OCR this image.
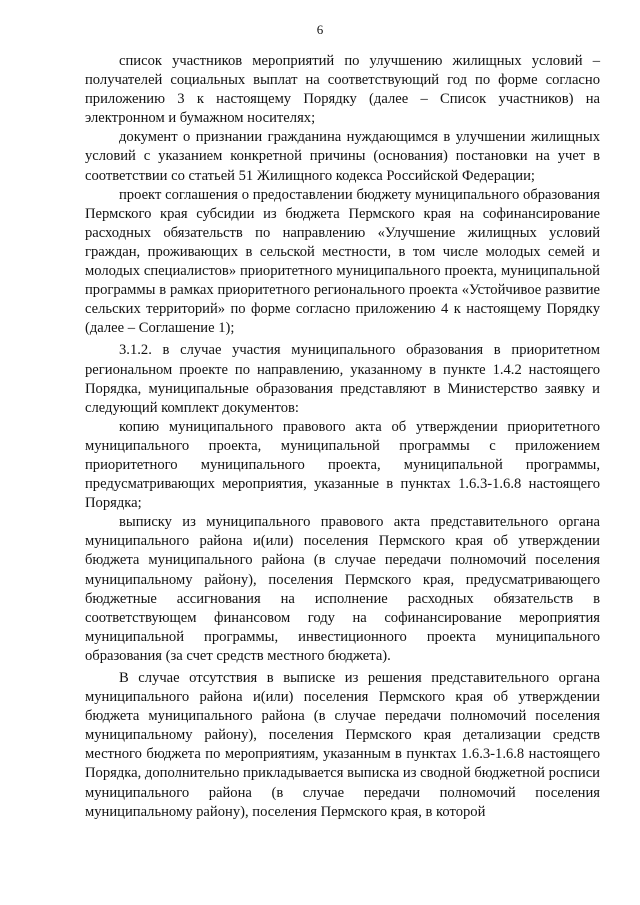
6

список участников мероприятий по улучшению жилищных условий – получателей социальных выплат на соответствующий год по форме согласно приложению 3 к настоящему Порядку (далее – Список участников) на электронном и бумажном носителях;

документ о признании гражданина нуждающимся в улучшении жилищных условий с указанием конкретной причины (основания) постановки на учет в соответствии со статьей 51 Жилищного кодекса Российской Федерации;

проект соглашения о предоставлении бюджету муниципального образования Пермского края субсидии из бюджета Пермского края на софинансирование расходных обязательств по направлению «Улучшение жилищных условий граждан, проживающих в сельской местности, в том числе молодых семей и молодых специалистов» приоритетного муниципального проекта, муниципальной программы в рамках приоритетного регионального проекта «Устойчивое развитие сельских территорий» по форме согласно приложению 4 к настоящему Порядку (далее – Соглашение 1);

3.1.2. в случае участия муниципального образования в приоритетном региональном проекте по направлению, указанному в пункте 1.4.2 настоящего Порядка, муниципальные образования представляют в Министерство заявку и следующий комплект документов:

копию муниципального правового акта об утверждении приоритетного муниципального проекта, муниципальной программы с приложением приоритетного муниципального проекта, муниципальной программы, предусматривающих мероприятия, указанные в пунктах 1.6.3-1.6.8 настоящего Порядка;

выписку из муниципального правового акта представительного органа муниципального района и(или) поселения Пермского края об утверждении бюджета муниципального района (в случае передачи полномочий поселения муниципальному району), поселения Пермского края, предусматривающего бюджетные ассигнования на исполнение расходных обязательств в соответствующем финансовом году на софинансирование мероприятия муниципальной программы, инвестиционного проекта муниципального образования (за счет средств местного бюджета).

В случае отсутствия в выписке из решения представительного органа муниципального района и(или) поселения Пермского края об утверждении бюджета муниципального района (в случае передачи полномочий поселения муниципальному району), поселения Пермского края детализации средств местного бюджета по мероприятиям, указанным в пунктах 1.6.3-1.6.8 настоящего Порядка, дополнительно прикладывается выписка из сводной бюджетной росписи муниципального района (в случае передачи полномочий поселения муниципальному району), поселения Пермского края, в которой
